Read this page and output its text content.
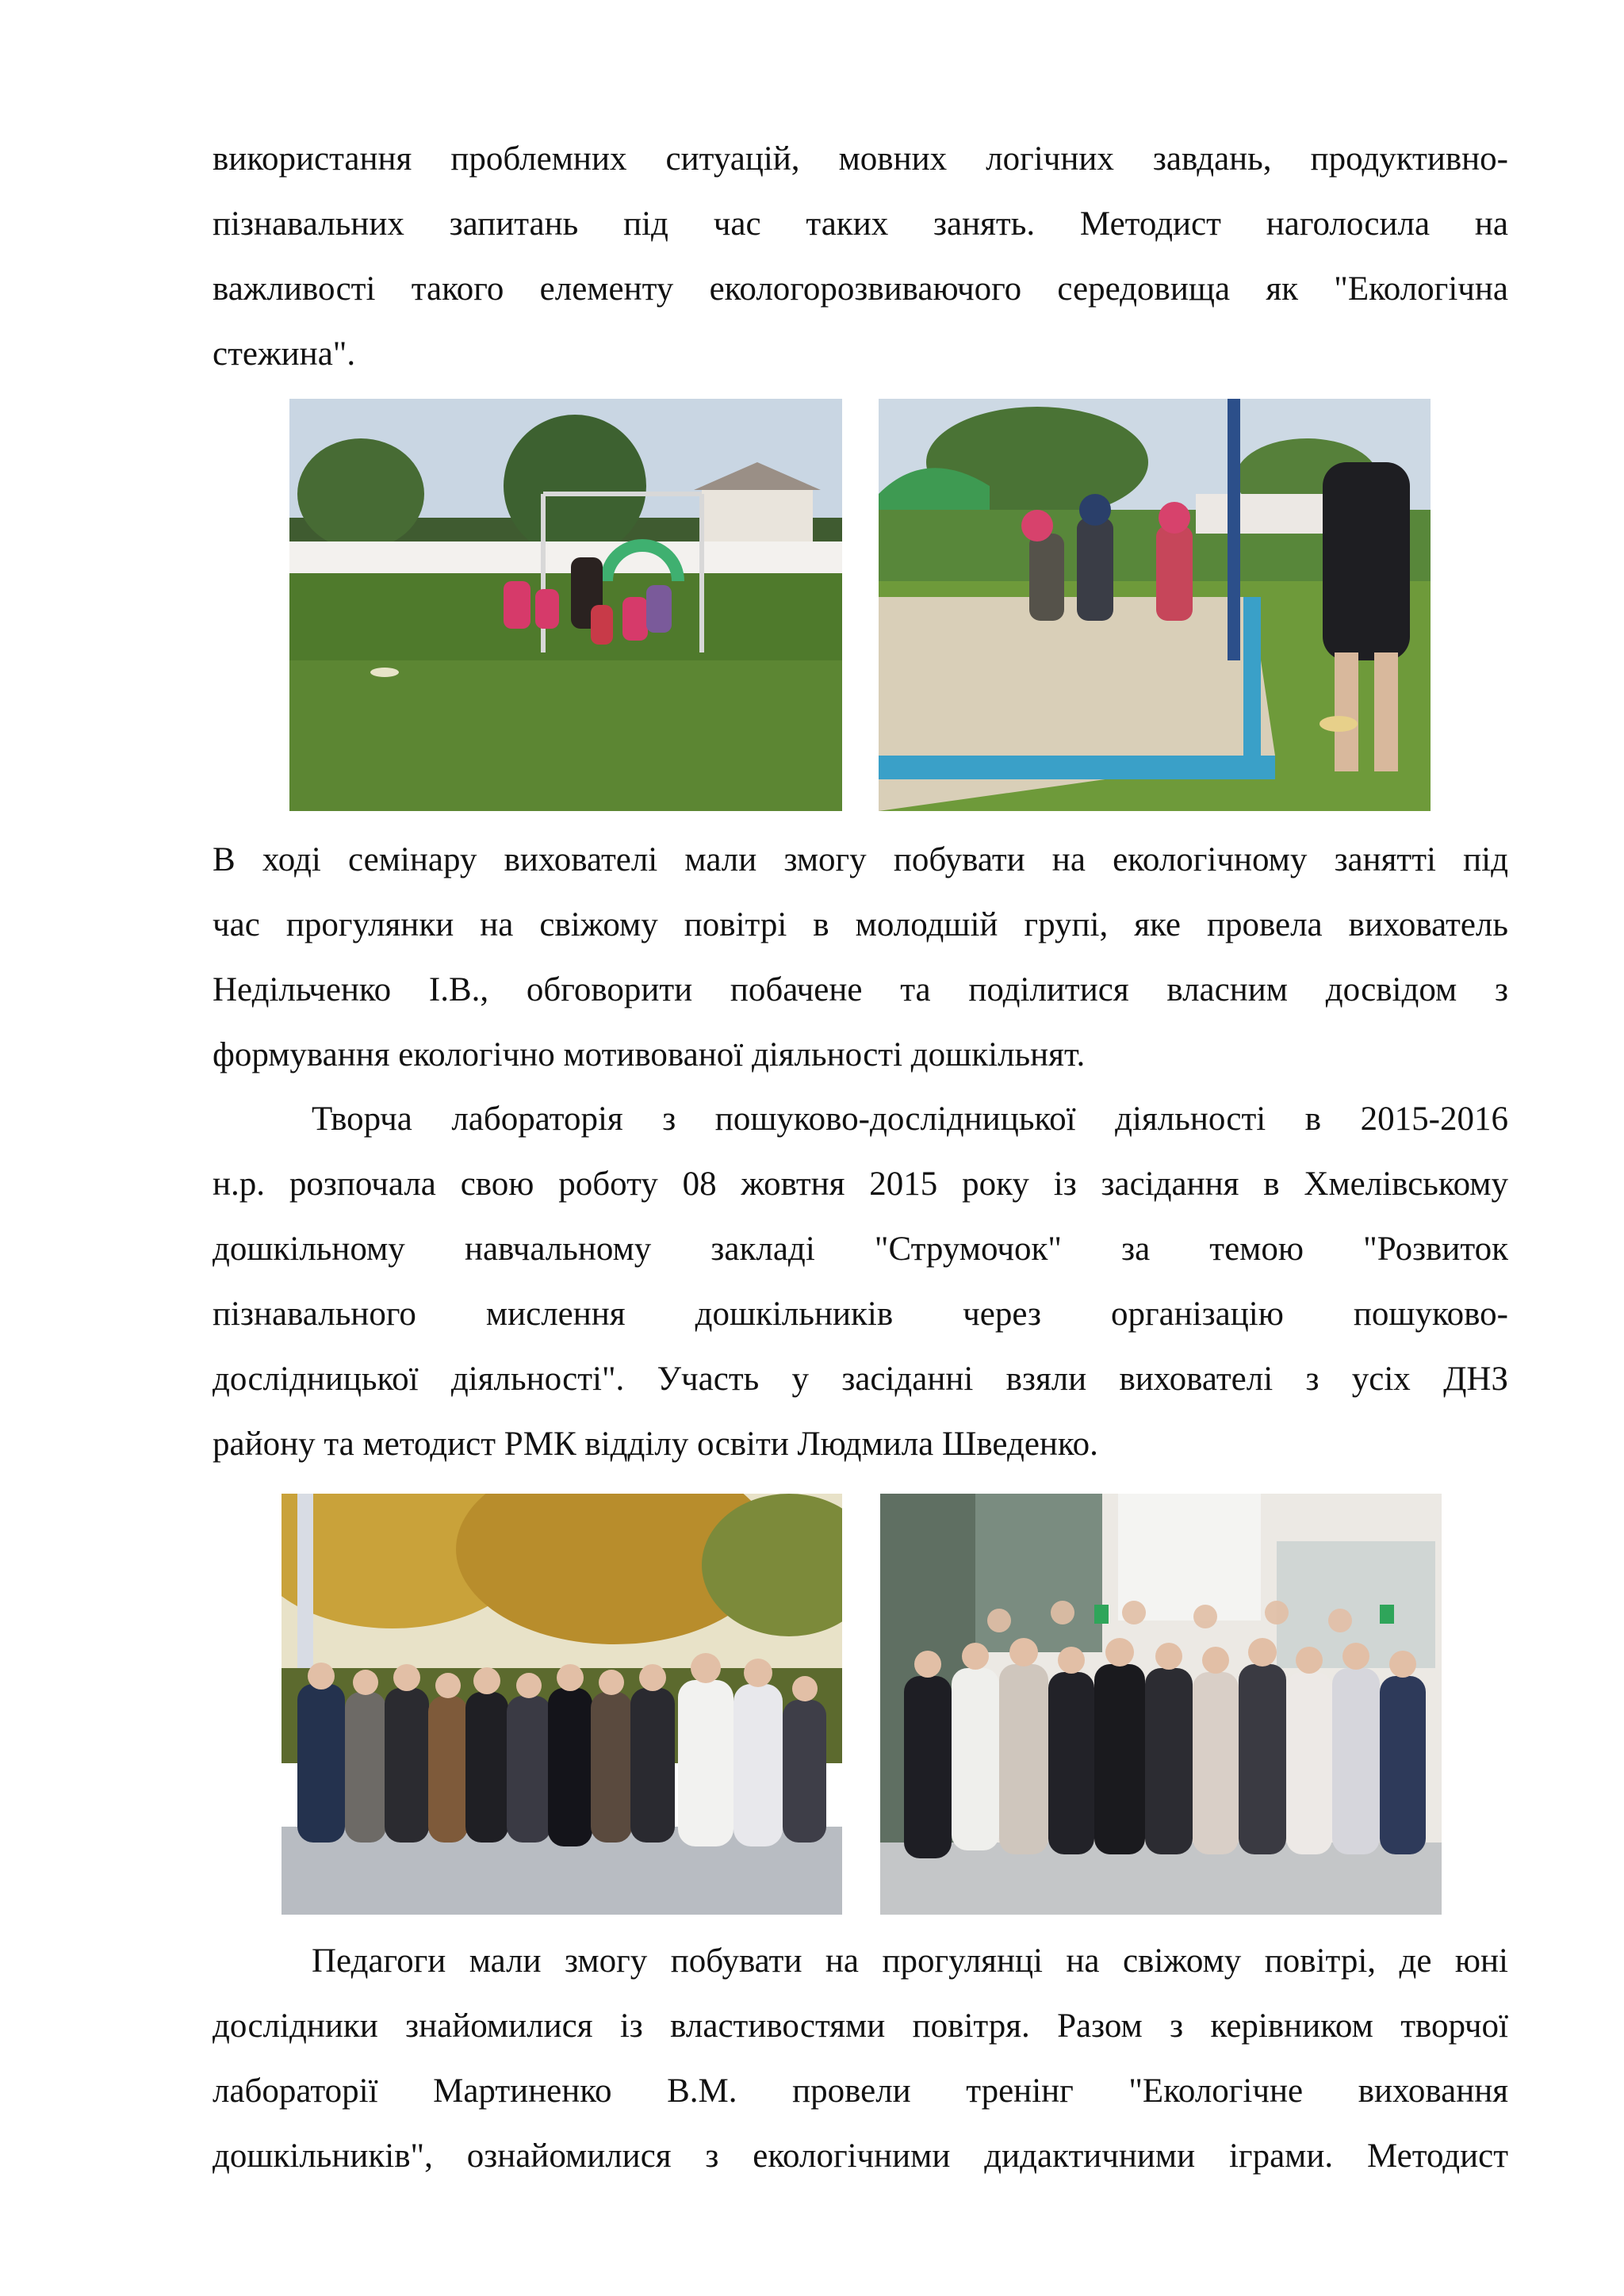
використання проблемних ситуацій, мовних логічних завдань, продуктивно-
пізнавальних запитань під час таких занять. Методист наголосила на
важливості такого елементу екологорозвиваючого середовища як "Екологічна
стежина".
В ході семінару вихователі мали змогу побувати на екологічному занятті під
час прогулянки на свіжому повітрі в молодшій групі, яке провела вихователь
Недільченко І.В., обговорити побачене та поділитися власним досвідом з
формування екологічно мотивованої діяльності дошкільнят.
Творча лабораторія з пошуково-дослідницької діяльності в 2015-2016
н.р. розпочала свою роботу 08 жовтня 2015 року із засідання в Хмелівському
дошкільному навчальному закладі "Струмочок" за темою "Розвиток
пізнавального мислення дошкільників через організацію пошуково-
дослідницької діяльності". Участь у засіданні взяли вихователі з усіх ДНЗ
району та методист РМК відділу освіти Людмила Шведенко.
Педагоги мали змогу побувати на прогулянці на свіжому повітрі, де юні
дослідники знайомилися із властивостями повітря. Разом з керівником творчої
лабораторії Мартиненко В.М. провели тренінг "Екологічне виховання
дошкільників", ознайомилися з екологічними дидактичними іграми. Методист
